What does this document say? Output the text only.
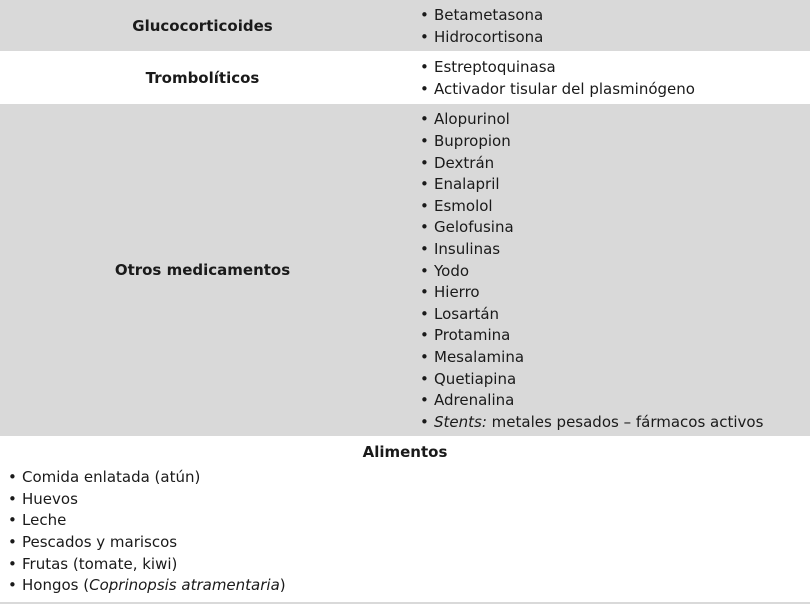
Glucocorticoides
• Betametasona
• Hidrocortisona
Trombolíticos
• Estreptoquinasa
• Activador tisular del plasminógeno
Otros medicamentos
• Alopurinol
• Bupropion
• Dextrán
• Enalapril
• Esmolol
• Gelofusina
• Insulinas
• Yodo
• Hierro
• Losartán
• Protamina
• Mesalamina
• Quetiapina
• Adrenalina
• Stents: metales pesados – fármacos activos
Alimentos
• Comida enlatada (atún)
• Huevos
• Leche
• Pescados y mariscos
• Frutas (tomate, kiwi)
• Hongos (Coprinopsis atramentaria)
